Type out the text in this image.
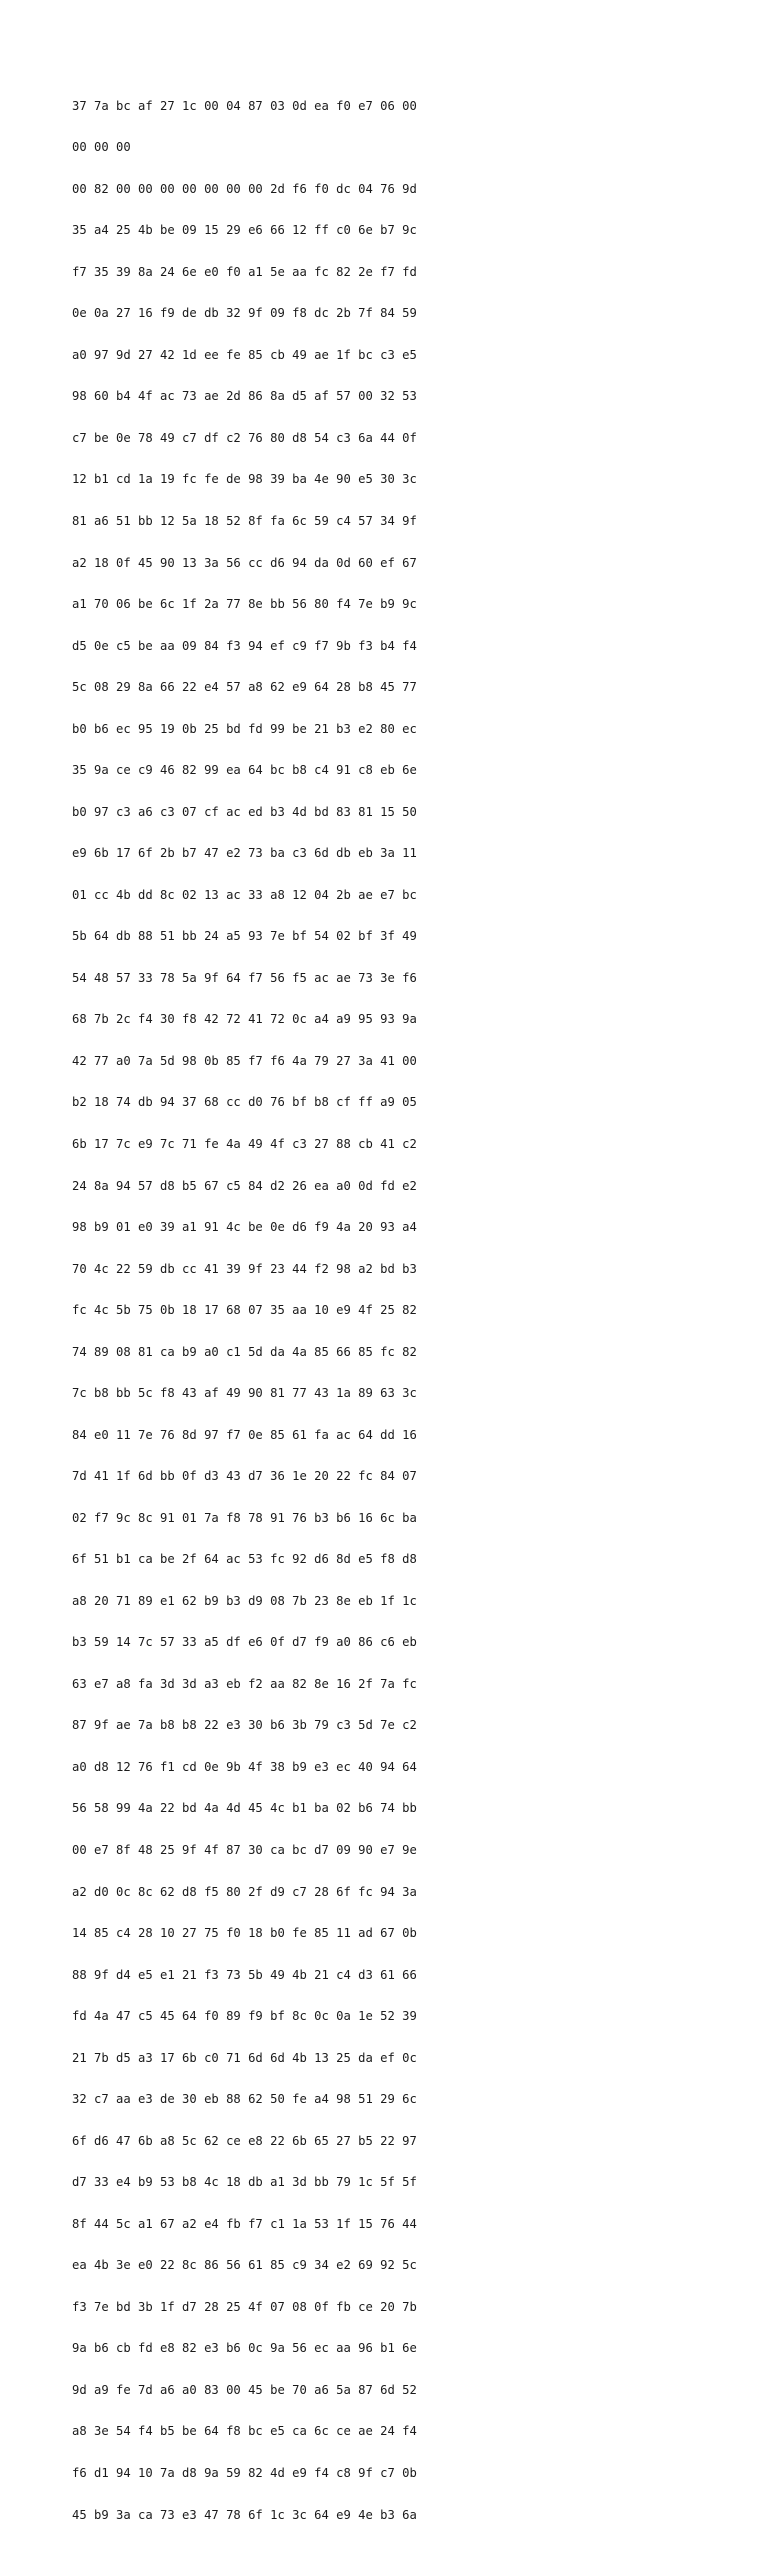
37 7a bc af 27 1c 00 04 87 03 0d ea f0 e7 06 00

00 00 00

00 82 00 00 00 00 00 00 00 2d f6 f0 dc 04 76 9d

35 a4 25 4b be 09 15 29 e6 66 12 ff c0 6e b7 9c

f7 35 39 8a 24 6e e0 f0 a1 5e aa fc 82 2e f7 fd

0e 0a 27 16 f9 de db 32 9f 09 f8 dc 2b 7f 84 59

a0 97 9d 27 42 1d ee fe 85 cb 49 ae 1f bc c3 e5

98 60 b4 4f ac 73 ae 2d 86 8a d5 af 57 00 32 53

c7 be 0e 78 49 c7 df c2 76 80 d8 54 c3 6a 44 0f

12 b1 cd 1a 19 fc fe de 98 39 ba 4e 90 e5 30 3c

81 a6 51 bb 12 5a 18 52 8f fa 6c 59 c4 57 34 9f

a2 18 0f 45 90 13 3a 56 cc d6 94 da 0d 60 ef 67

a1 70 06 be 6c 1f 2a 77 8e bb 56 80 f4 7e b9 9c

d5 0e c5 be aa 09 84 f3 94 ef c9 f7 9b f3 b4 f4

5c 08 29 8a 66 22 e4 57 a8 62 e9 64 28 b8 45 77

b0 b6 ec 95 19 0b 25 bd fd 99 be 21 b3 e2 80 ec

35 9a ce c9 46 82 99 ea 64 bc b8 c4 91 c8 eb 6e

b0 97 c3 a6 c3 07 cf ac ed b3 4d bd 83 81 15 50

e9 6b 17 6f 2b b7 47 e2 73 ba c3 6d db eb 3a 11

01 cc 4b dd 8c 02 13 ac 33 a8 12 04 2b ae e7 bc

5b 64 db 88 51 bb 24 a5 93 7e bf 54 02 bf 3f 49

54 48 57 33 78 5a 9f 64 f7 56 f5 ac ae 73 3e f6

68 7b 2c f4 30 f8 42 72 41 72 0c a4 a9 95 93 9a

42 77 a0 7a 5d 98 0b 85 f7 f6 4a 79 27 3a 41 00

b2 18 74 db 94 37 68 cc d0 76 bf b8 cf ff a9 05

6b 17 7c e9 7c 71 fe 4a 49 4f c3 27 88 cb 41 c2

24 8a 94 57 d8 b5 67 c5 84 d2 26 ea a0 0d fd e2

98 b9 01 e0 39 a1 91 4c be 0e d6 f9 4a 20 93 a4

70 4c 22 59 db cc 41 39 9f 23 44 f2 98 a2 bd b3

fc 4c 5b 75 0b 18 17 68 07 35 aa 10 e9 4f 25 82

74 89 08 81 ca b9 a0 c1 5d da 4a 85 66 85 fc 82

7c b8 bb 5c f8 43 af 49 90 81 77 43 1a 89 63 3c

84 e0 11 7e 76 8d 97 f7 0e 85 61 fa ac 64 dd 16

7d 41 1f 6d bb 0f d3 43 d7 36 1e 20 22 fc 84 07

02 f7 9c 8c 91 01 7a f8 78 91 76 b3 b6 16 6c ba

6f 51 b1 ca be 2f 64 ac 53 fc 92 d6 8d e5 f8 d8

a8 20 71 89 e1 62 b9 b3 d9 08 7b 23 8e eb 1f 1c

b3 59 14 7c 57 33 a5 df e6 0f d7 f9 a0 86 c6 eb

63 e7 a8 fa 3d 3d a3 eb f2 aa 82 8e 16 2f 7a fc

87 9f ae 7a b8 b8 22 e3 30 b6 3b 79 c3 5d 7e c2

a0 d8 12 76 f1 cd 0e 9b 4f 38 b9 e3 ec 40 94 64

56 58 99 4a 22 bd 4a 4d 45 4c b1 ba 02 b6 74 bb

00 e7 8f 48 25 9f 4f 87 30 ca bc d7 09 90 e7 9e

a2 d0 0c 8c 62 d8 f5 80 2f d9 c7 28 6f fc 94 3a

14 85 c4 28 10 27 75 f0 18 b0 fe 85 11 ad 67 0b

88 9f d4 e5 e1 21 f3 73 5b 49 4b 21 c4 d3 61 66

fd 4a 47 c5 45 64 f0 89 f9 bf 8c 0c 0a 1e 52 39

21 7b d5 a3 17 6b c0 71 6d 6d 4b 13 25 da ef 0c

32 c7 aa e3 de 30 eb 88 62 50 fe a4 98 51 29 6c

6f d6 47 6b a8 5c 62 ce e8 22 6b 65 27 b5 22 97

d7 33 e4 b9 53 b8 4c 18 db a1 3d bb 79 1c 5f 5f

8f 44 5c a1 67 a2 e4 fb f7 c1 1a 53 1f 15 76 44

ea 4b 3e e0 22 8c 86 56 61 85 c9 34 e2 69 92 5c

f3 7e bd 3b 1f d7 28 25 4f 07 08 0f fb ce 20 7b

9a b6 cb fd e8 82 e3 b6 0c 9a 56 ec aa 96 b1 6e

9d a9 fe 7d a6 a0 83 00 45 be 70 a6 5a 87 6d 52

a8 3e 54 f4 b5 be 64 f8 bc e5 ca 6c ce ae 24 f4

f6 d1 94 10 7a d8 9a 59 82 4d e9 f4 c8 9f c7 0b

45 b9 3a ca 73 e3 47 78 6f 1c 3c 64 e9 4e b3 6a
